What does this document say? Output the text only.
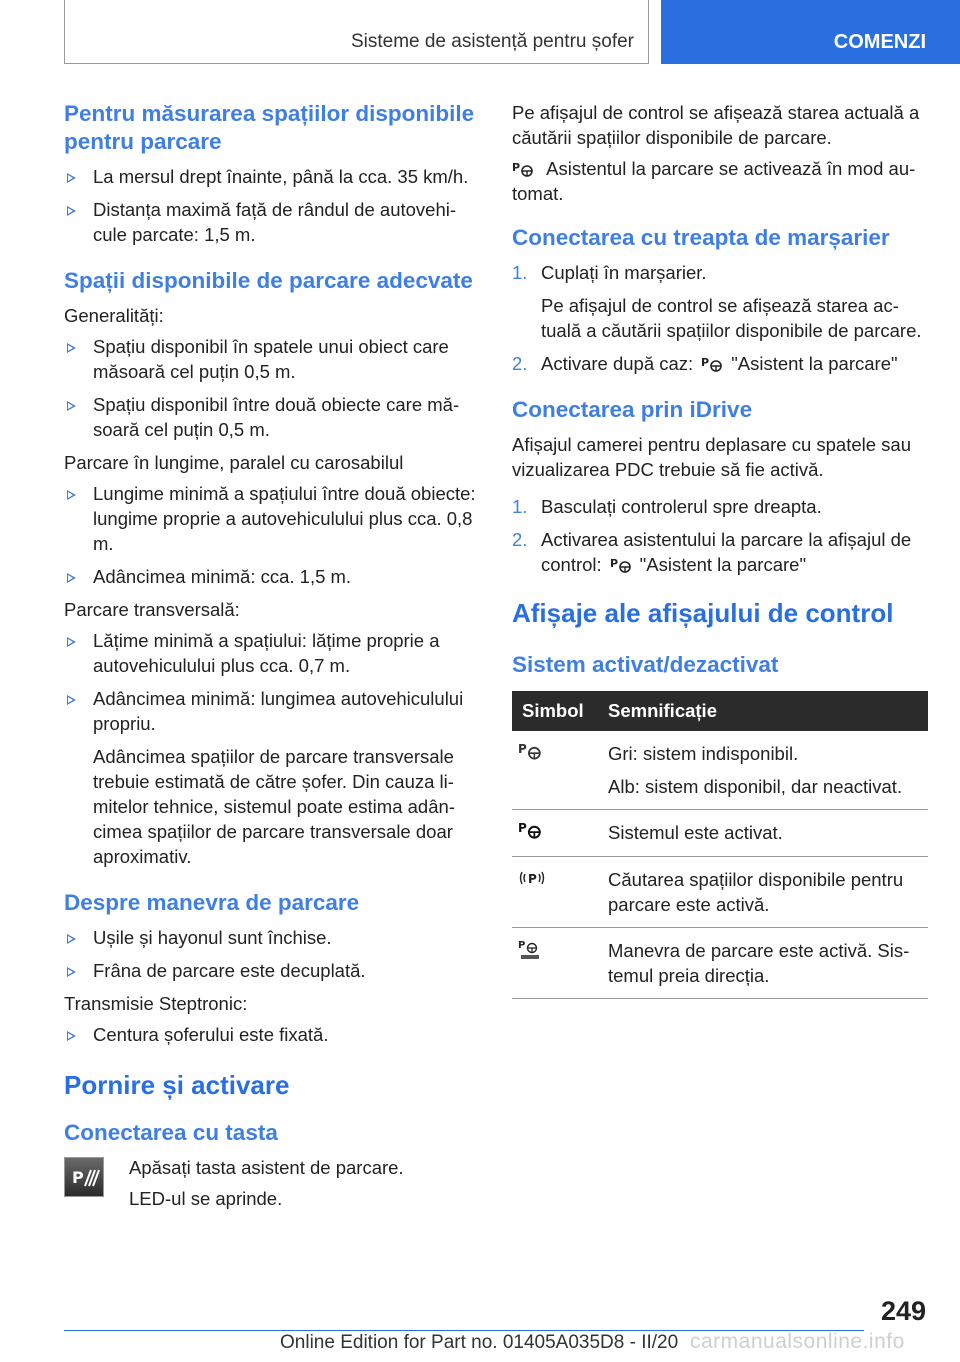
Sisteme de asistență pentru șofer	COMENZI
Pentru măsurarea spațiilor disponibile pentru parcare
La mersul drept înainte, până la cca. 35 km/h.
Distanța maximă față de rândul de autovehi‐cule parcate: 1,5 m.
Spații disponibile de parcare adecvate

Generalități:

Spațiu disponibil în spatele unui obiect care măsoară cel puțin 0,5 m.
Spațiu disponibil între două obiecte care mă‐soară cel puțin 0,5 m.

Parcare în lungime, paralel cu carosabilul

Lungime minimă a spațiului între două obiecte: lungime proprie a autovehiculului plus cca. 0,8 m.
Adâncimea minimă: cca. 1,5 m.

Parcare transversală:

Lățime minimă a spațiului: lățime proprie a autovehiculului plus cca. 0,7 m.
Adâncimea minimă: lungimea autovehiculului propriu.
Adâncimea spațiilor de parcare transversale trebuie estimată de către șofer. Din cauza li‐mitelor tehnice, sistemul poate estima adân‐cimea spațiilor de parcare transversale doar aproximativ.
Despre manevra de parcare
Ușile și hayonul sunt închise.
Frâna de parcare este decuplată.

Transmisie Steptronic:

Centura șoferului este fixată.
Pornire și activare
Conectarea cu tasta
P Apăsați tasta asistent de parcare.

LED-ul se aprinde.

Pe afișajul de control se afișează starea actuală a căutării spațiilor disponibile de parcare.

P Asistentul la parcare se activează în mod au‐tomat.

Conectarea cu treapta de marșarier
1. Cuplați în marșarier.
Pe afișajul de control se afișează starea ac‐tuală a căutării spațiilor disponibile de parcare.
2. Activare după caz: P "Asistent la parcare"
Conectarea prin iDrive

Afișajul camerei pentru deplasare cu spatele sau vizualizarea PDC trebuie să fie activă.

1. Basculați controlerul spre dreapta.
2. Activarea asistentului la parcare la afișajul de control: P "Asistent la parcare"
Afișaje ale afișajului de control
Sistem activat/dezactivat
Simbol	Semnificație

P	Gri: sistem indisponibil.

Alb: sistem disponibil, dar neactivat.

P	Sistemul este activat.

P	Căutarea spațiilor disponibile pentru parcare este activă.

P	Manevra de parcare este activă. Sis‐temul preia direcția.

249
Online Edition for Part no. 01405A035D8 - II/20 carmanualsonline.info
